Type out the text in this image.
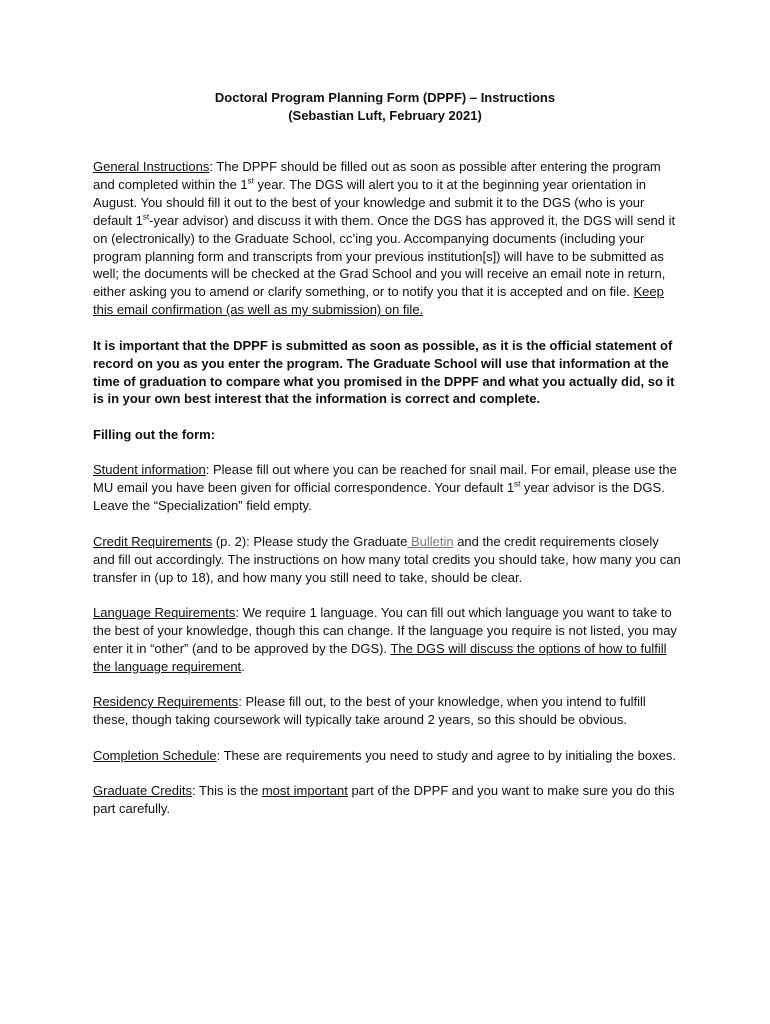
Doctoral Program Planning Form (DPPF) – Instructions
(Sebastian Luft, February 2021)

General Instructions: The DPPF should be filled out as soon as possible after entering the program and completed within the 1st year. The DGS will alert you to it at the beginning year orientation in August. You should fill it out to the best of your knowledge and submit it to the DGS (who is your default 1st-year advisor) and discuss it with them. Once the DGS has approved it, the DGS will send it on (electronically) to the Graduate School, cc’ing you. Accompanying documents (including your program planning form and transcripts from your previous institution[s]) will have to be submitted as well; the documents will be checked at the Grad School and you will receive an email note in return, either asking you to amend or clarify something, or to notify you that it is accepted and on file. Keep this email confirmation (as well as my submission) on file.

It is important that the DPPF is submitted as soon as possible, as it is the official statement of record on you as you enter the program. The Graduate School will use that information at the time of graduation to compare what you promised in the DPPF and what you actually did, so it is in your own best interest that the information is correct and complete.

Filling out the form:

Student information: Please fill out where you can be reached for snail mail. For email, please use the MU email you have been given for official correspondence. Your default 1st year advisor is the DGS. Leave the “Specialization” field empty.

Credit Requirements (p. 2): Please study the Graduate Bulletin and the credit requirements closely and fill out accordingly. The instructions on how many total credits you should take, how many you can transfer in (up to 18), and how many you still need to take, should be clear.

Language Requirements: We require 1 language. You can fill out which language you want to take to the best of your knowledge, though this can change. If the language you require is not listed, you may enter it in “other” (and to be approved by the DGS). The DGS will discuss the options of how to fulfill the language requirement.

Residency Requirements: Please fill out, to the best of your knowledge, when you intend to fulfill these, though taking coursework will typically take around 2 years, so this should be obvious.

Completion Schedule: These are requirements you need to study and agree to by initialing the boxes.

Graduate Credits: This is the most important part of the DPPF and you want to make sure you do this part carefully.
